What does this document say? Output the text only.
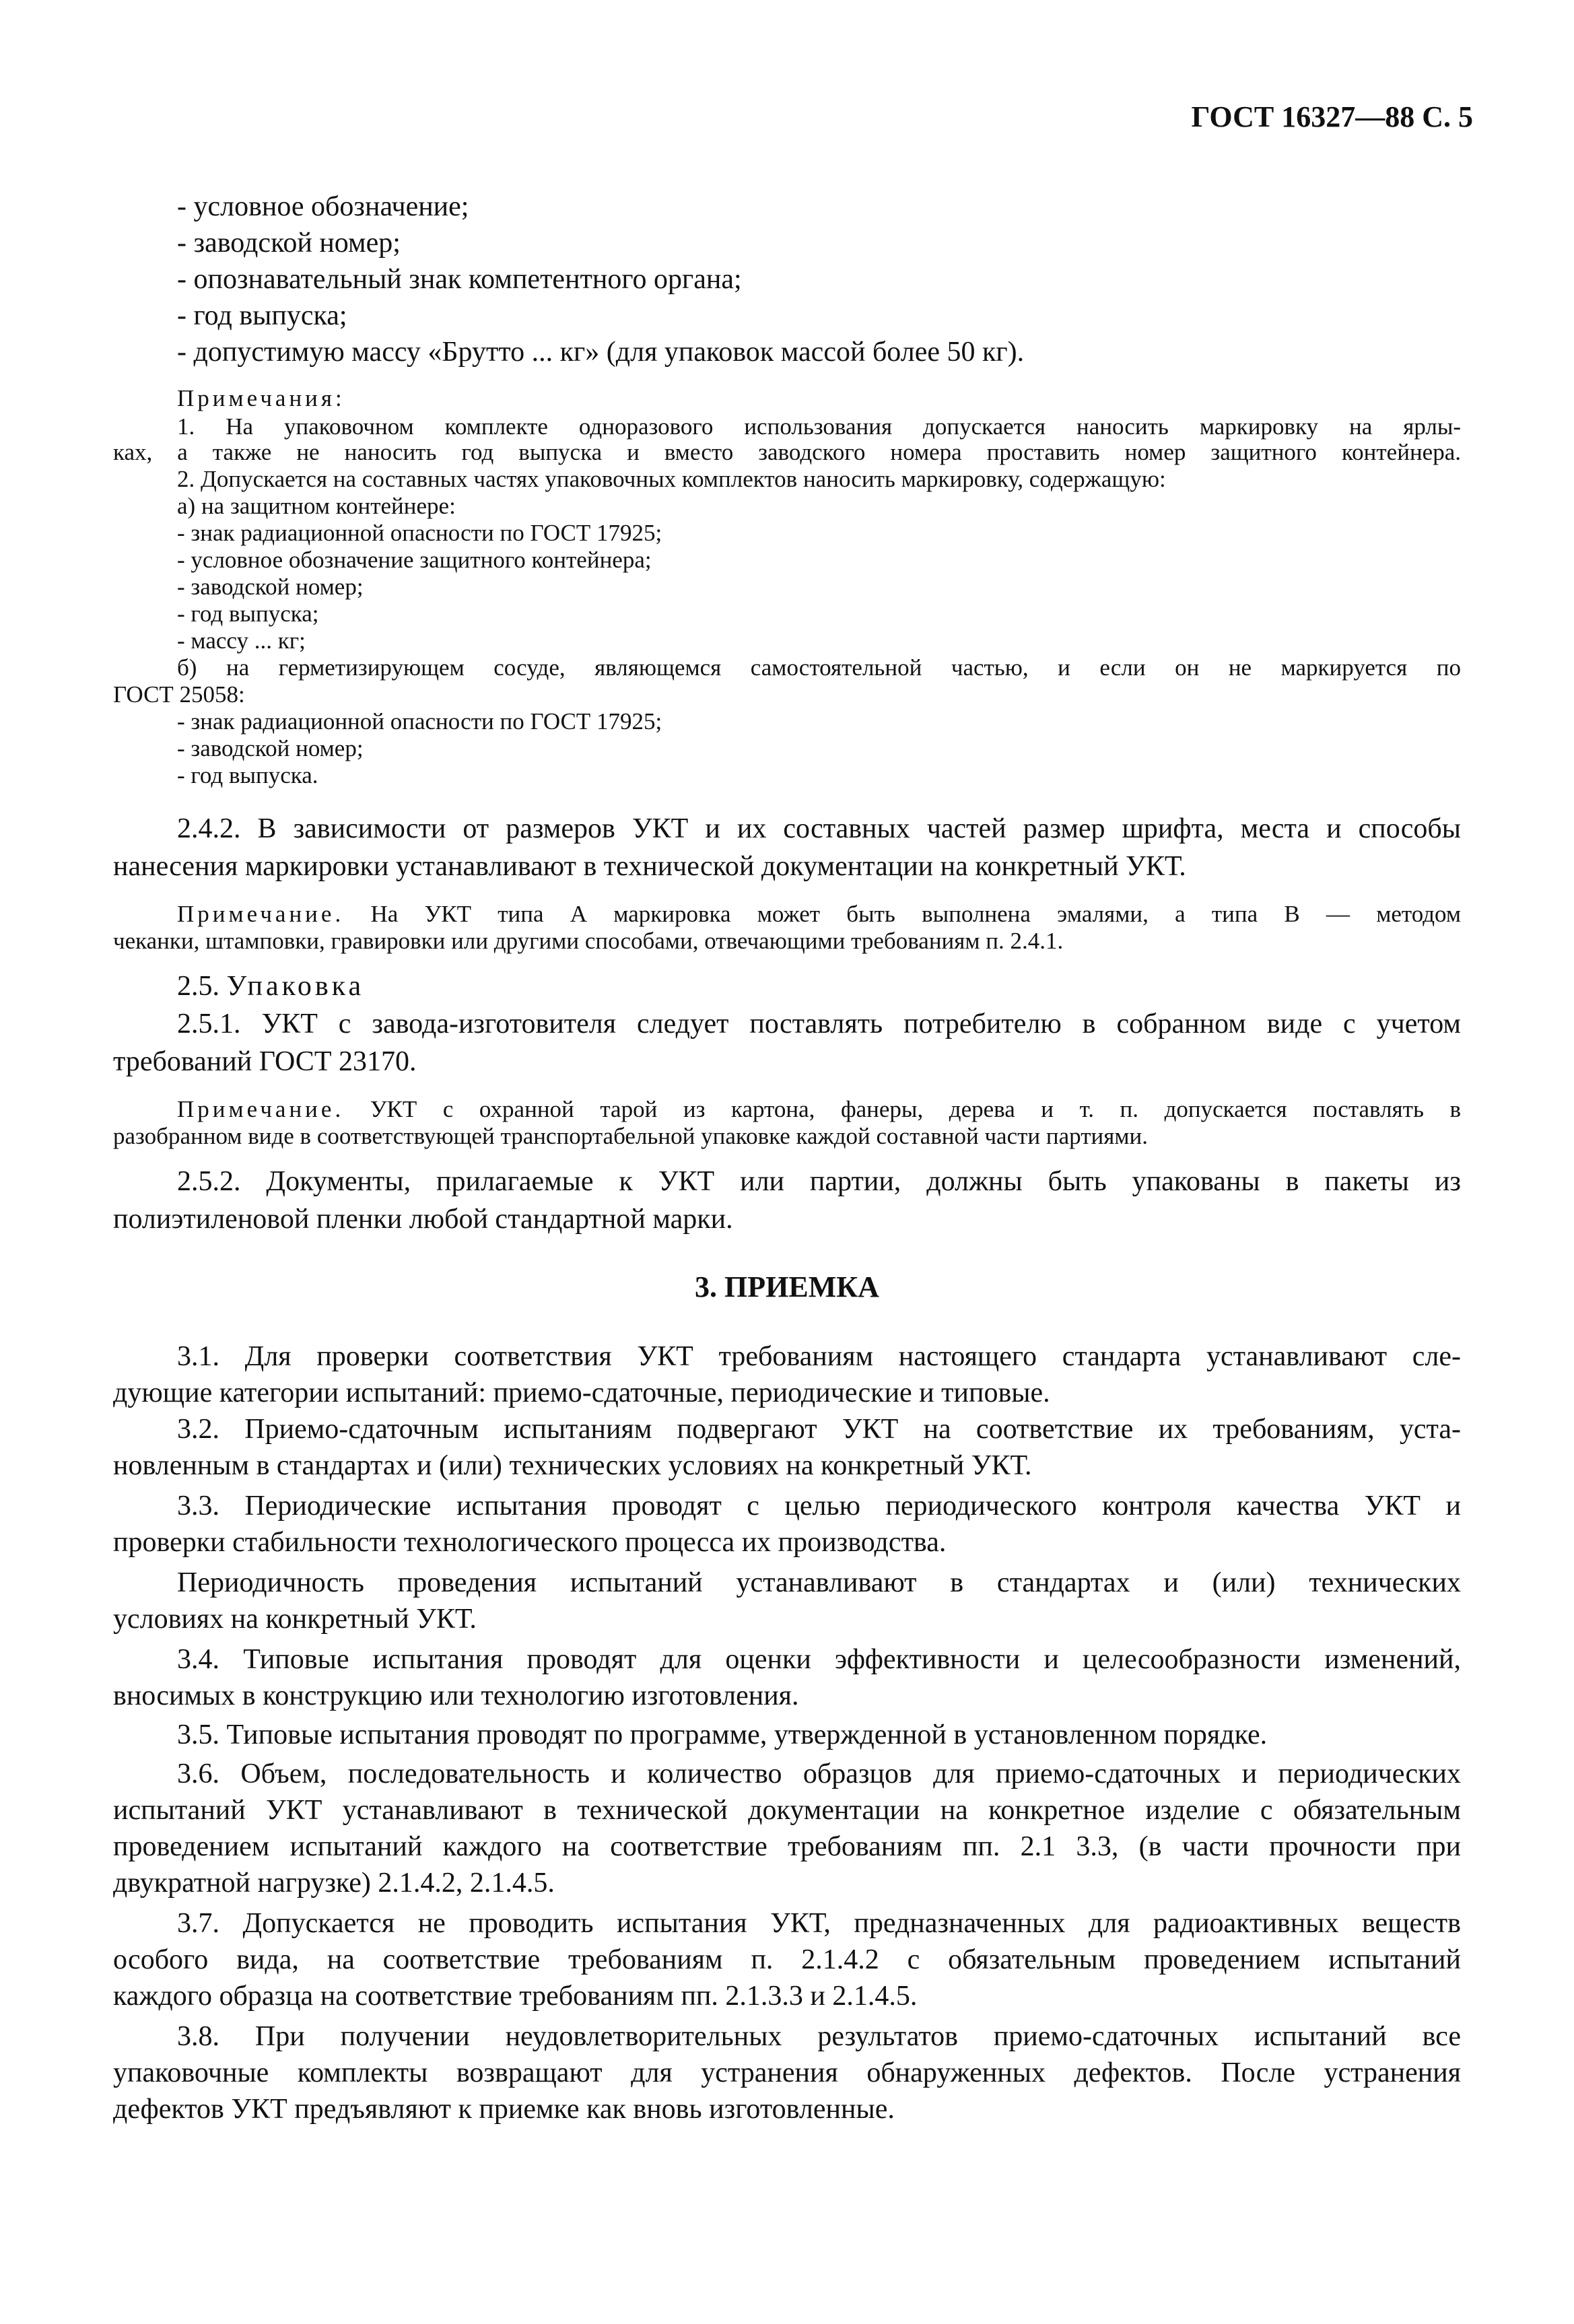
ГОСТ 16327—88 С. 5
- условное обозначение;
- заводской номер;
- опознавательный знак компетентного органа;
- год выпуска;
- допустимую массу «Брутто ... кг» (для упаковок массой более 50 кг).
Примечания:
1. На упаковочном комплекте одноразового использования допускается наносить маркировку на ярлы-
ках, а также не наносить год выпуска и вместо заводского номера проставить номер защитного контейнера.
2. Допускается на составных частях упаковочных комплектов наносить маркировку, содержащую:
а) на защитном контейнере:
- знак радиационной опасности по ГОСТ 17925;
- условное обозначение защитного контейнера;
- заводской номер;
- год выпуска;
- массу ... кг;
б) на герметизирующем сосуде, являющемся самостоятельной частью, и если он не маркируется по
ГОСТ 25058:
- знак радиационной опасности по ГОСТ 17925;
- заводской номер;
- год выпуска.
2.4.2. В зависимости от размеров УКТ и их составных частей размер шрифта, места и способы
нанесения маркировки устанавливают в технической документации на конкретный УКТ.
Примечание. На УКТ типа А маркировка может быть выполнена эмалями, а типа В — методом
чеканки, штамповки, гравировки или другими способами, отвечающими требованиям п. 2.4.1.
2.5. Упаковка
2.5.1. УКТ с завода-изготовителя следует поставлять потребителю в собранном виде с учетом
требований ГОСТ 23170.
Примечание. УКТ с охранной тарой из картона, фанеры, дерева и т. п. допускается поставлять в
разобранном виде в соответствующей транспортабельной упаковке каждой составной части партиями.
2.5.2. Документы, прилагаемые к УКТ или партии, должны быть упакованы в пакеты из
полиэтиленовой пленки любой стандартной марки.
3. ПРИЕМКА
3.1. Для проверки соответствия УКТ требованиям настоящего стандарта устанавливают сле-
дующие категории испытаний: приемо-сдаточные, периодические и типовые.
3.2. Приемо-сдаточным испытаниям подвергают УКТ на соответствие их требованиям, уста-
новленным в стандартах и (или) технических условиях на конкретный УКТ.
3.3. Периодические испытания проводят с целью периодического контроля качества УКТ и
проверки стабильности технологического процесса их производства.
Периодичность проведения испытаний устанавливают в стандартах и (или) технических
условиях на конкретный УКТ.
3.4. Типовые испытания проводят для оценки эффективности и целесообразности изменений,
вносимых в конструкцию или технологию изготовления.
3.5. Типовые испытания проводят по программе, утвержденной в установленном порядке.
3.6. Объем, последовательность и количество образцов для приемо-сдаточных и периодических
испытаний УКТ устанавливают в технической документации на конкретное изделие с обязательным
проведением испытаний каждого на соответствие требованиям пп. 2.1 3.3, (в части прочности при
двукратной нагрузке) 2.1.4.2, 2.1.4.5.
3.7. Допускается не проводить испытания УКТ, предназначенных для радиоактивных веществ
особого вида, на соответствие требованиям п. 2.1.4.2 с обязательным проведением испытаний
каждого образца на соответствие требованиям пп. 2.1.3.3 и 2.1.4.5.
3.8. При получении неудовлетворительных результатов приемо-сдаточных испытаний все
упаковочные комплекты возвращают для устранения обнаруженных дефектов. После устранения
дефектов УКТ предъявляют к приемке как вновь изготовленные.
